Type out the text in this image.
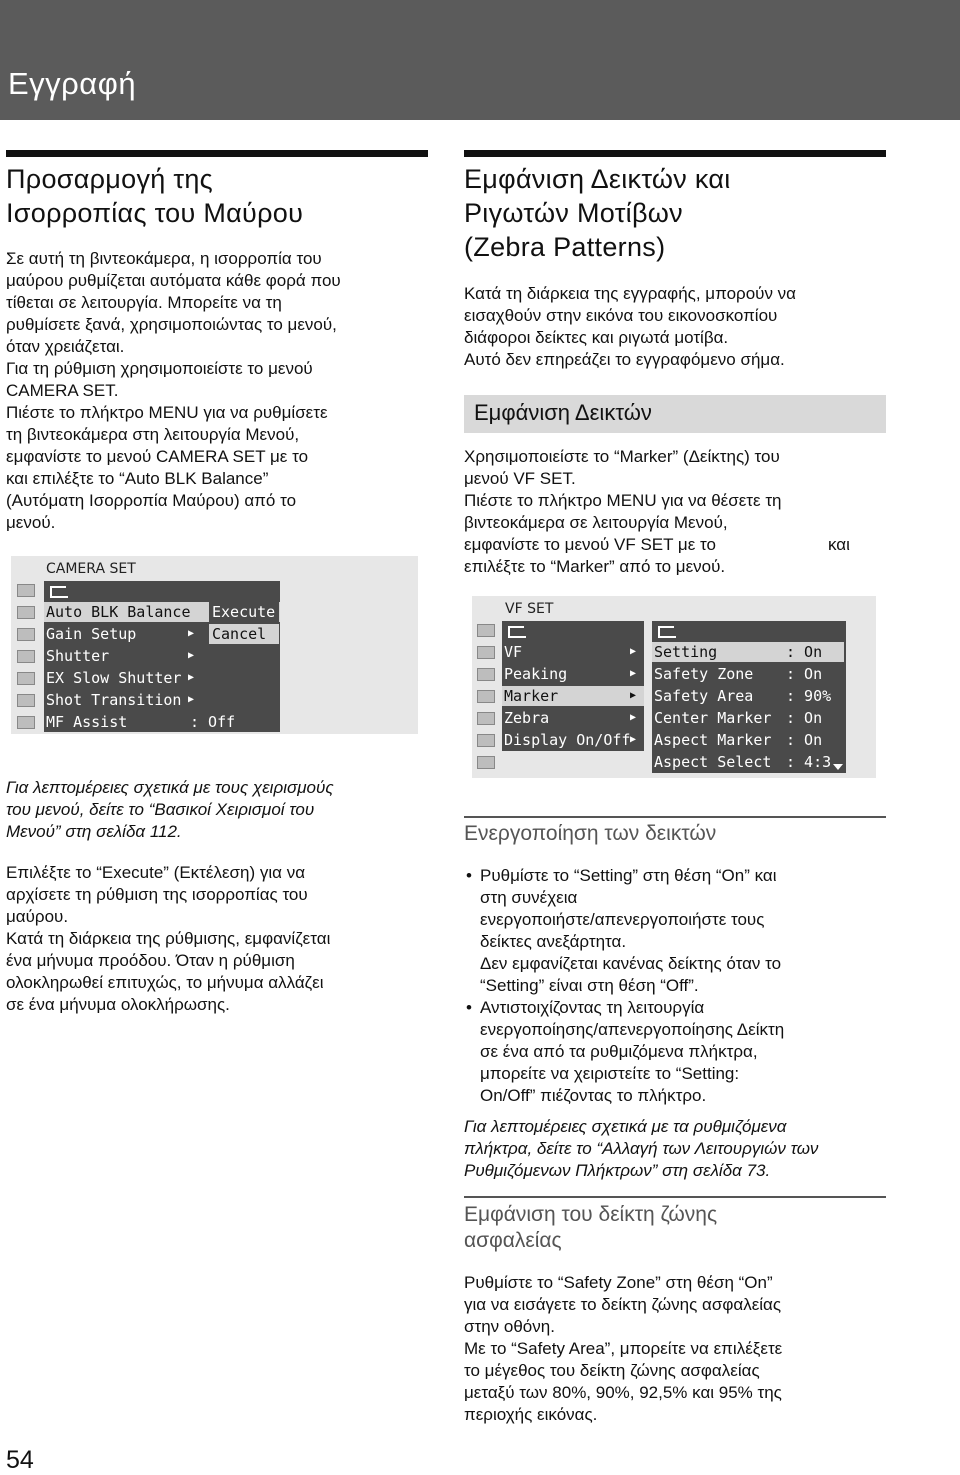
Εγγραφή
Προσαρμογή της
Ισορροπίας του Μαύρου
Σε αυτή τη βιντεοκάμερα, η ισορροπία του
μαύρου ρυθμίζεται αυτόματα κάθε φορά που
τίθεται σε λειτουργία. Μπορείτε να τη
ρυθμίσετε ξανά, χρησιμοποιώντας το μενού,
όταν χρειάζεται.
Για τη ρύθμιση χρησιμοποιείστε το μενού
CAMERA SET.
Πιέστε το πλήκτρο MENU για να ρυθμίσετε
τη βιντεοκάμερα στη λειτουργία Μενού,
εμφανίστε το μενού CAMERA SET με το
και επιλέξτε το “Auto BLK Balance”
(Αυτόματη Ισορροπία Μαύρου) από το
μενού.
CAMERA SET
Auto BLK Balance
Gain Setup	▶
Shutter	▶
EX Slow Shutter ▶
Shot Transition ▶
MF Assist	: Off
Execute
Cancel
Για λεπτομέρειες σχετικά με τους χειρισμούς
του μενού, δείτε το “Βασικοί Χειρισμοί του
Μενού” στη σελίδα 112.
Επιλέξτε το “Execute” (Εκτέλεση) για να
αρχίσετε τη ρύθμιση της ισορροπίας του
μαύρου.
Κατά τη διάρκεια της ρύθμισης, εμφανίζεται
ένα μήνυμα προόδου. Όταν η ρύθμιση
ολοκληρωθεί επιτυχώς, το μήνυμα αλλάζει
σε ένα μήνυμα ολοκλήρωσης.
Εμφάνιση Δεικτών και
Ριγωτών Μοτίβων
(Zebra Patterns)
Κατά τη διάρκεια της εγγραφής, μπορούν να
εισαχθούν στην εικόνα του εικονοσκοπίου
διάφοροι δείκτες και ριγωτά μοτίβα.
Αυτό δεν επηρεάζει το εγγραφόμενο σήμα.
Εμφάνιση Δεικτών
Χρησιμοποιείστε το “Marker” (Δείκτης) του
μενού VF SET.
Πιέστε το πλήκτρο MENU για να θέσετε τη
βιντεοκάμερα σε λειτουργία Μενού,
εμφανίστε το μενού VF SET με το
επιλέξτε το “Marker” από το μενού.
και
VF SET
VF	▶
Peaking	▶
Marker	▶
Zebra	▶
Display On/Off ▶
Setting	: On
Safety Zone : On
Safety Area : 90%
Center Marker : On
Aspect Marker : On
Aspect Select : 4:3
Ενεργοποίηση των δεικτών
• Ρυθμίστε το “Setting” στη θέση “On” και
στη συνέχεια
ενεργοποιήστε/απενεργοποιήστε τους
δείκτες ανεξάρτητα.
Δεν εμφανίζεται κανένας δείκτης όταν το
“Setting” είναι στη θέση “Off”.
• Αντιστοιχίζοντας τη λειτουργία
ενεργοποίησης/απενεργοποίησης Δείκτη
σε ένα από τα ρυθμιζόμενα πλήκτρα,
μπορείτε να χειριστείτε το “Setting:
On/Off” πιέζοντας το πλήκτρο.
Για λεπτομέρειες σχετικά με τα ρυθμιζόμενα
πλήκτρα, δείτε το “Αλλαγή των Λειτουργιών των
Ρυθμιζόμενων Πλήκτρων” στη σελίδα 73.
Εμφάνιση του δείκτη ζώνης
ασφαλείας
Ρυθμίστε το “Safety Zone” στη θέση “On”
για να εισάγετε το δείκτη ζώνης ασφαλείας
στην οθόνη.
Με το “Safety Area”, μπορείτε να επιλέξετε
το μέγεθος του δείκτη ζώνης ασφαλείας
μεταξύ των 80%, 90%, 92,5% και 95% της
περιοχής εικόνας.
54
